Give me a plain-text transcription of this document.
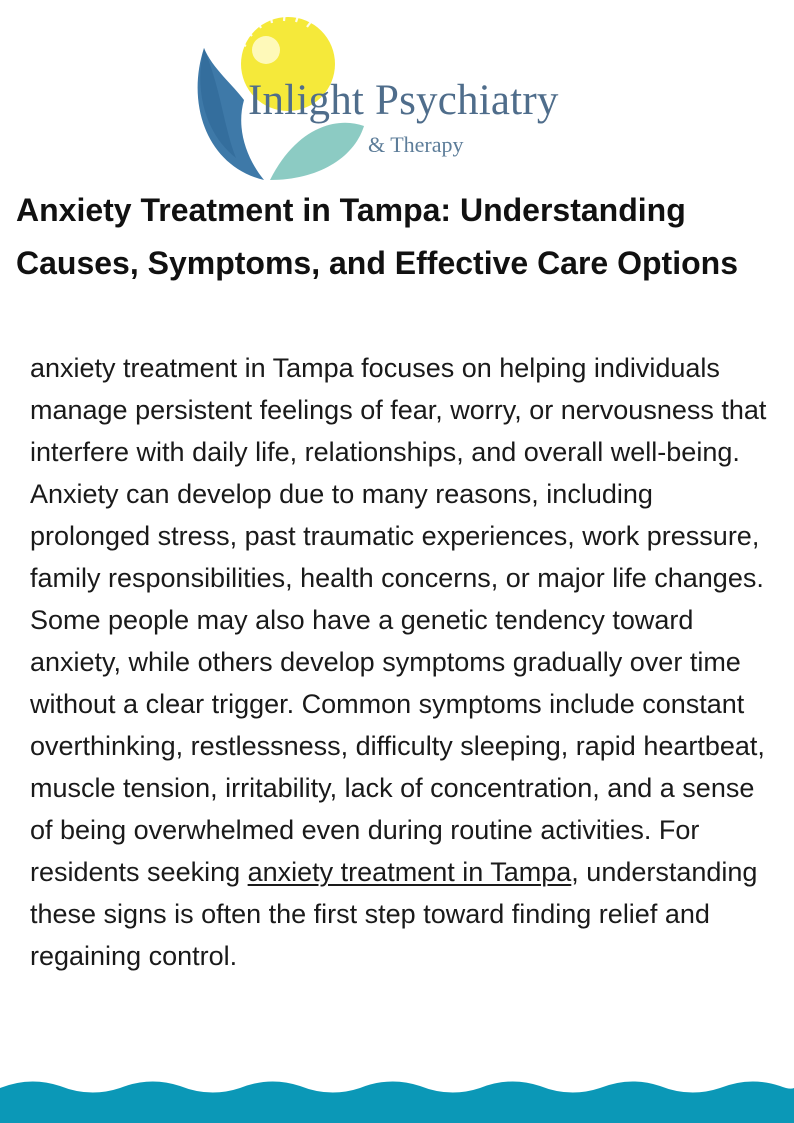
Inlight Psychiatry
& Therapy
Anxiety Treatment in Tampa: Understanding Causes, Symptoms, and Effective Care Options

anxiety treatment in Tampa focuses on helping individuals manage persistent feelings of fear, worry, or nervousness that interfere with daily life, relationships, and overall well-being. Anxiety can develop due to many reasons, including prolonged stress, past traumatic experiences, work pressure, family responsibilities, health concerns, or major life changes. Some people may also have a genetic tendency toward anxiety, while others develop symptoms gradually over time without a clear trigger. Common symptoms include constant overthinking, restlessness, difficulty sleeping, rapid heartbeat, muscle tension, irritability, lack of concentration, and a sense of being overwhelmed even during routine activities. For residents seeking anxiety treatment in Tampa, understanding these signs is often the first step toward finding relief and regaining control.
